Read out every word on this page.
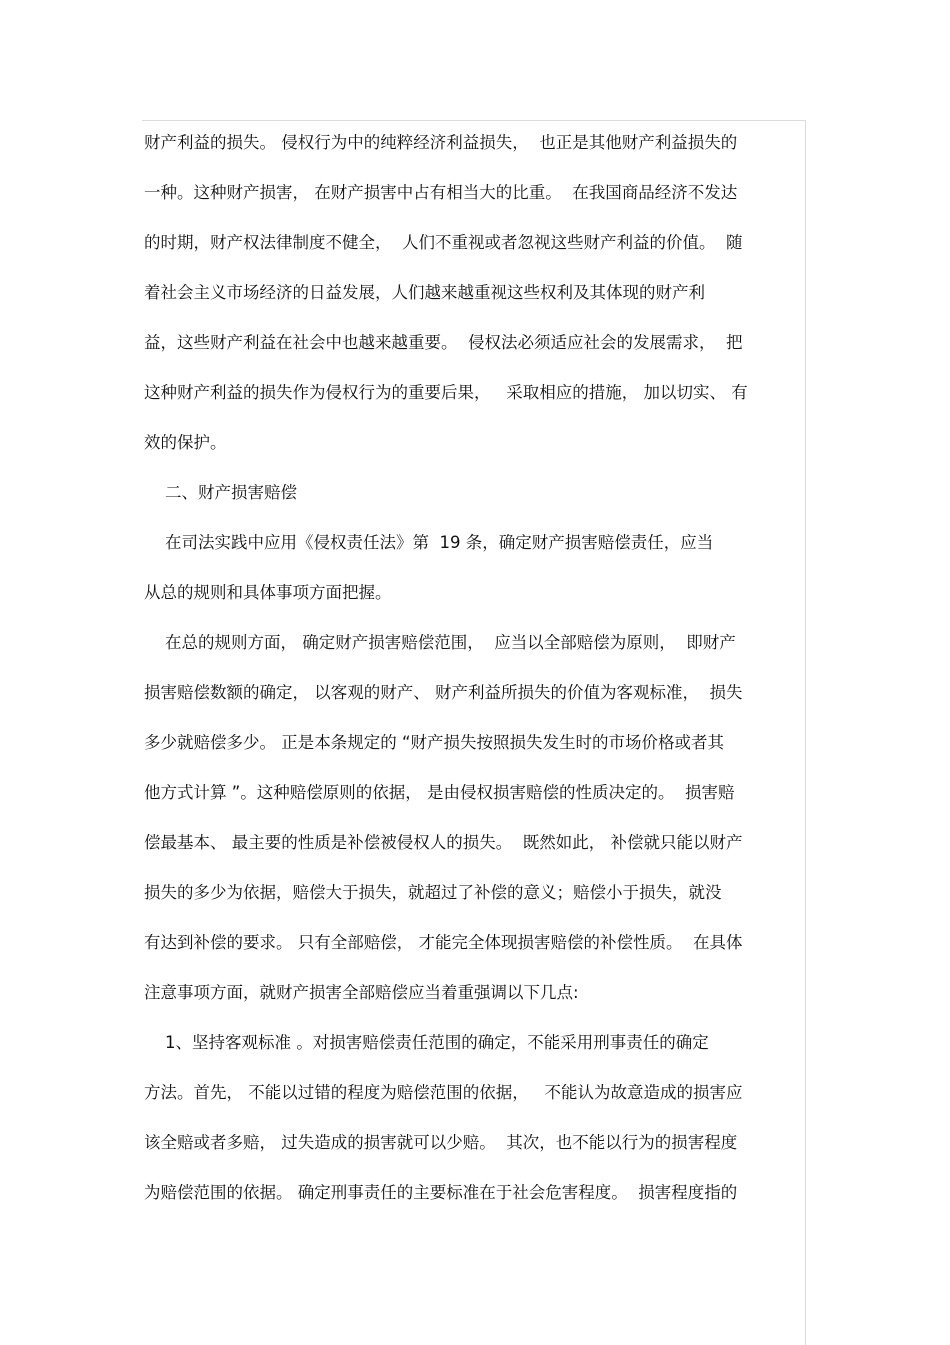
财产利益的损失。 侵权行为中的纯粹经济利益损失，  也正是其他财产利益损失的

一种。这种财产损害， 在财产损害中占有相当大的比重。  在我国商品经济不发达

的时期，财产权法律制度不健全，  人们不重视或者忽视这些财产利益的价值。  随

着社会主义市场经济的日益发展，人们越来越重视这些权利及其体现的财产利

益，这些财产利益在社会中也越来越重要。  侵权法必须适应社会的发展需求，  把

这种财产利益的损失作为侵权行为的重要后果，   采取相应的措施， 加以切实、 有

效的保护。

二、财产损害赔偿

在司法实践中应用《侵权责任法》第  19 条，确定财产损害赔偿责任，应当

从总的规则和具体事项方面把握。

在总的规则方面， 确定财产损害赔偿范围，  应当以全部赔偿为原则，  即财产

损害赔偿数额的确定， 以客观的财产、 财产利益所损失的价值为客观标准，  损失

多少就赔偿多少。 正是本条规定的 “财产损失按照损失发生时的市场价格或者其

他方式计算 ”。这种赔偿原则的依据， 是由侵权损害赔偿的性质决定的。  损害赔

偿最基本、 最主要的性质是补偿被侵权人的损失。  既然如此， 补偿就只能以财产

损失的多少为依据，赔偿大于损失，就超过了补偿的意义；赔偿小于损失，就没

有达到补偿的要求。 只有全部赔偿， 才能完全体现损害赔偿的补偿性质。  在具体

注意事项方面，就财产损害全部赔偿应当着重强调以下几点:

1、坚持客观标准 。对损害赔偿责任范围的确定，不能采用刑事责任的确定

方法。首先， 不能以过错的程度为赔偿范围的依据，   不能认为故意造成的损害应

该全赔或者多赔， 过失造成的损害就可以少赔。  其次，也不能以行为的损害程度

为赔偿范围的依据。 确定刑事责任的主要标准在于社会危害程度。  损害程度指的
